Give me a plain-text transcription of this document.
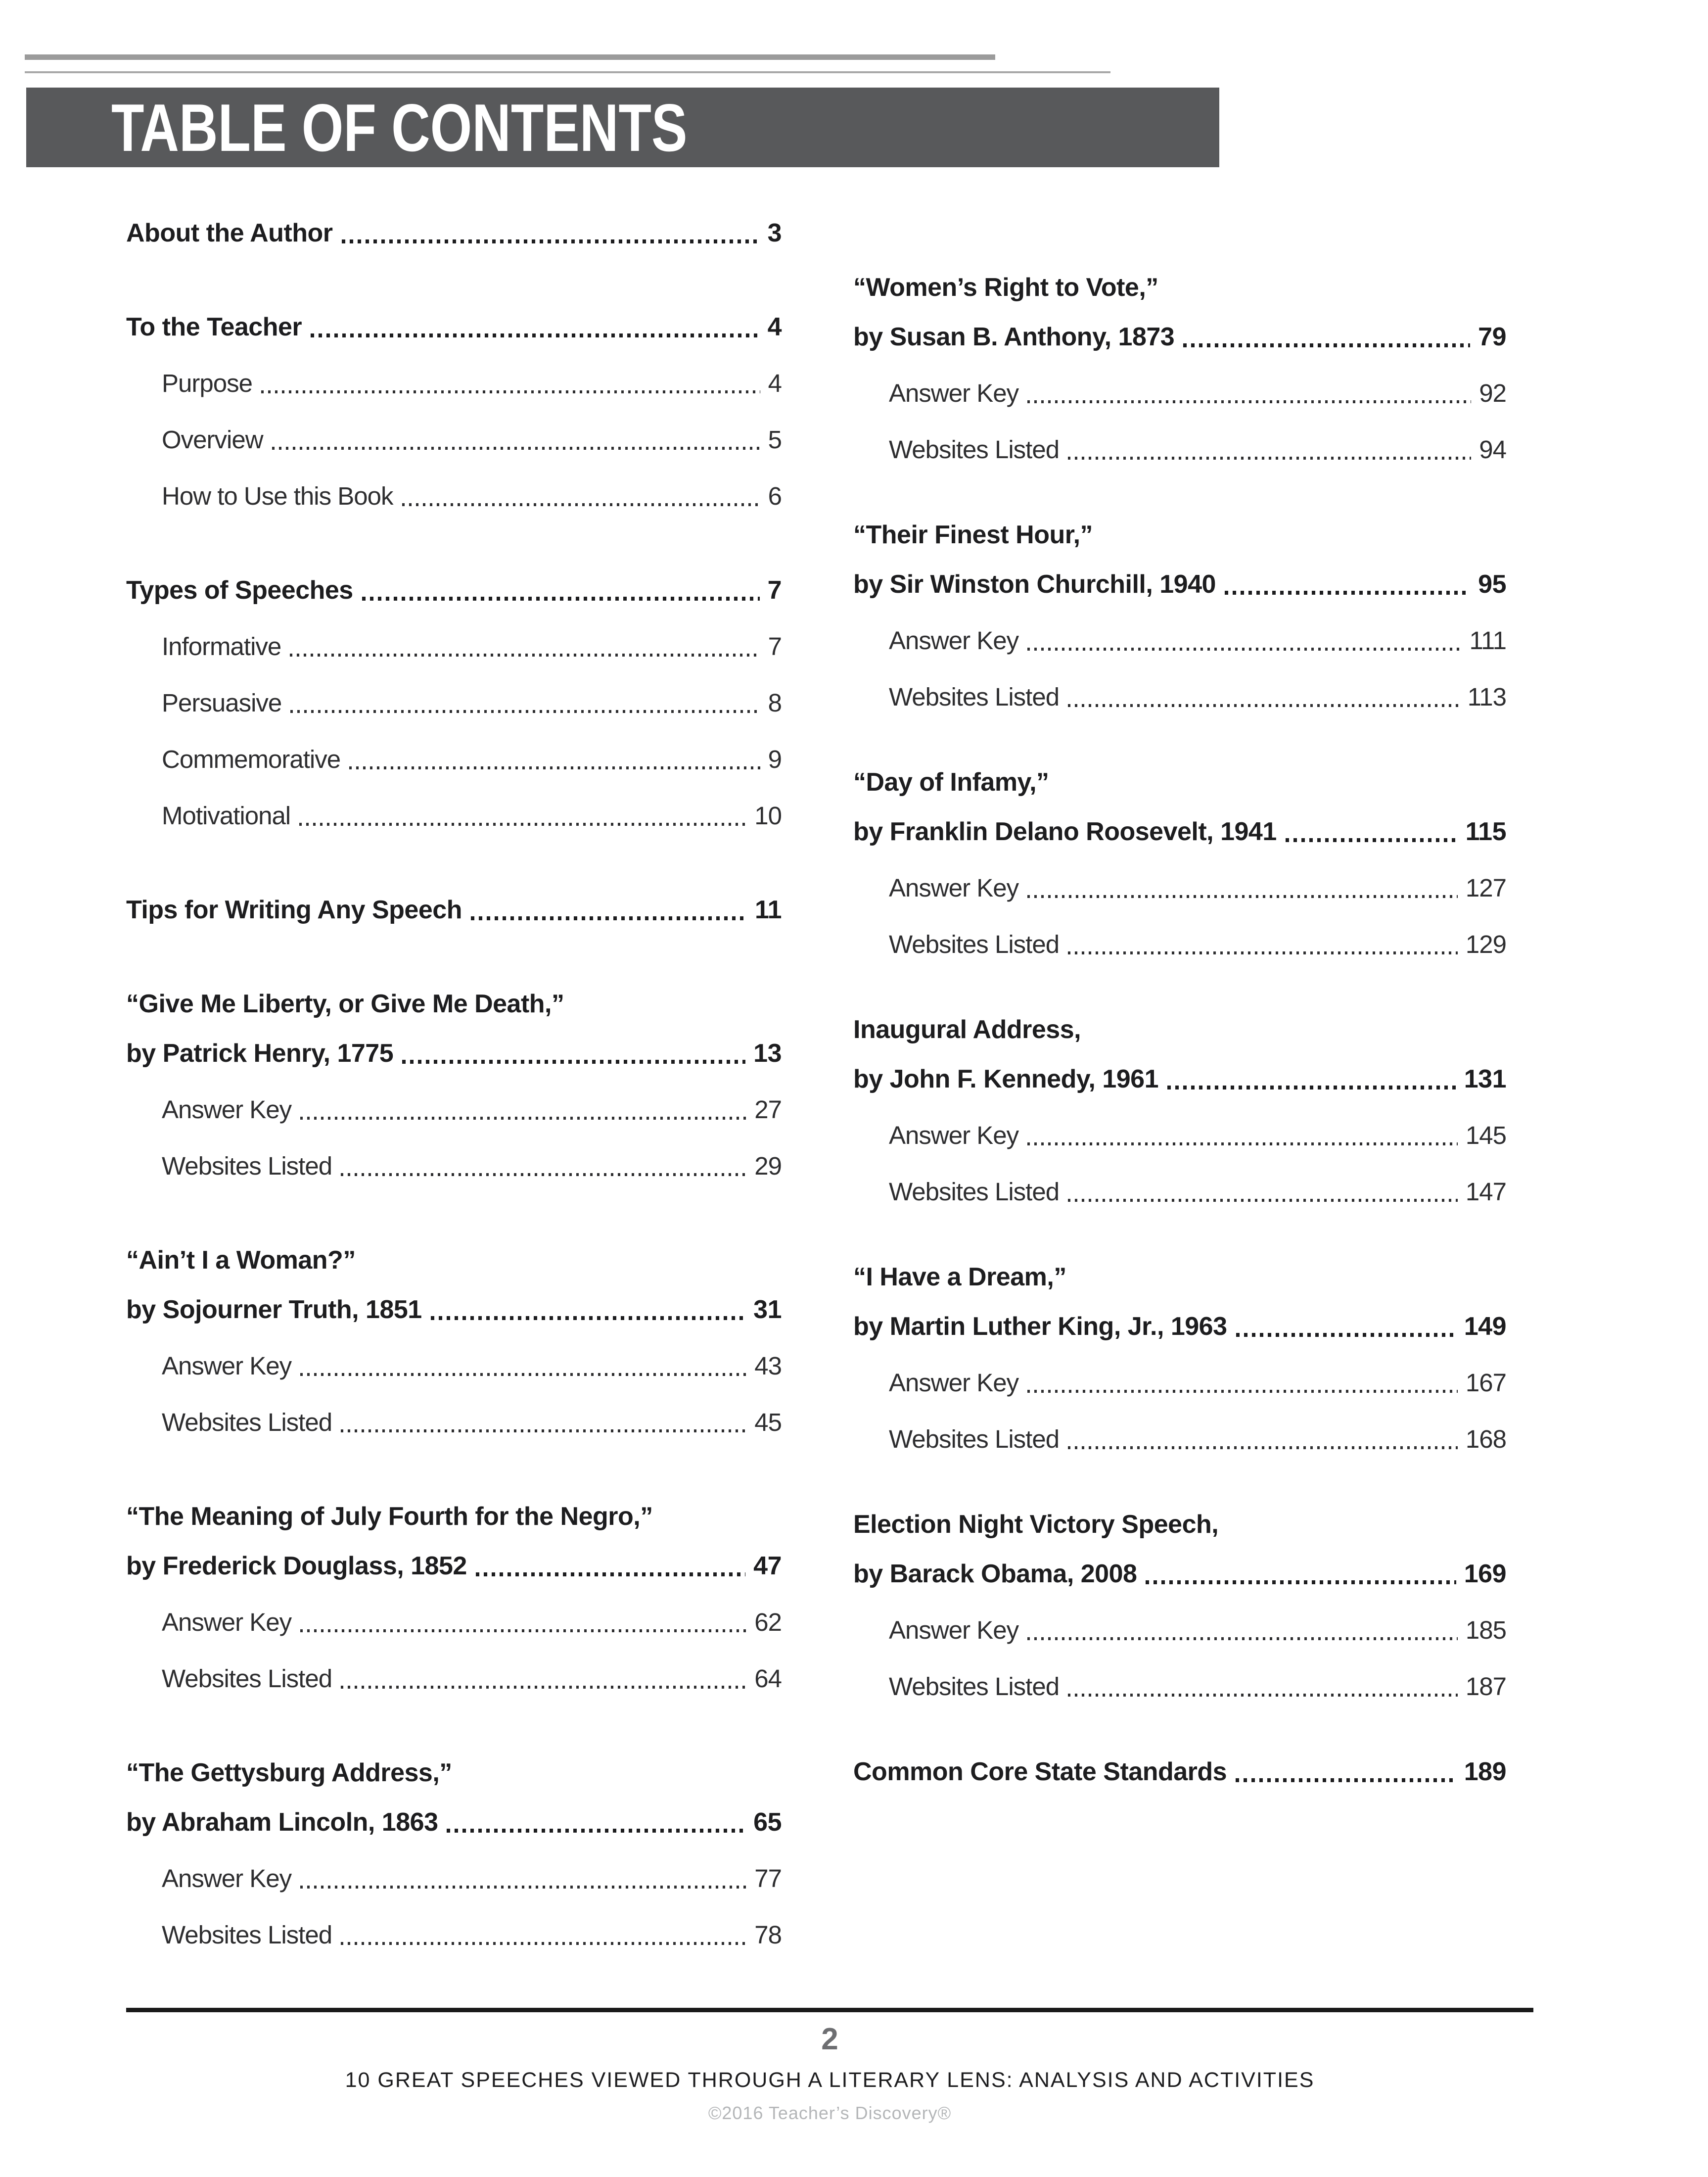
TABLE OF CONTENTS
About the Author	3
To the Teacher	4
Purpose	4
Overview	5
How to Use this Book	6
Types of Speeches	7
Informative	7
Persuasive	8
Commemorative	9
Motivational	10
Tips for Writing Any Speech	11
“Give Me Liberty, or Give Me Death,”
by Patrick Henry, 1775	13
Answer Key	27
Websites Listed	29
“Ain’t I a Woman?”
by Sojourner Truth, 1851	31
Answer Key	43
Websites Listed	45
“The Meaning of July Fourth for the Negro,”
by Frederick Douglass, 1852	47
Answer Key	62
Websites Listed	64
“The Gettysburg Address,”
by Abraham Lincoln, 1863	65
Answer Key	77
Websites Listed	78
“Women’s Right to Vote,”
by Susan B. Anthony, 1873	79
Answer Key	92
Websites Listed	94
“Their Finest Hour,”
by Sir Winston Churchill, 1940	95
Answer Key	111
Websites Listed	113
“Day of Infamy,”
by Franklin Delano Roosevelt, 1941	115
Answer Key	127
Websites Listed	129
Inaugural Address,
by John F. Kennedy, 1961	131
Answer Key	145
Websites Listed	147
“I Have a Dream,”
by Martin Luther King, Jr., 1963	149
Answer Key	167
Websites Listed	168
Election Night Victory Speech,
by Barack Obama, 2008	169
Answer Key	185
Websites Listed	187
Common Core State Standards	189
2
10 GREAT SPEECHES VIEWED THROUGH A LITERARY LENS: ANALYSIS AND ACTIVITIES
©2016 Teacher’s Discovery®
